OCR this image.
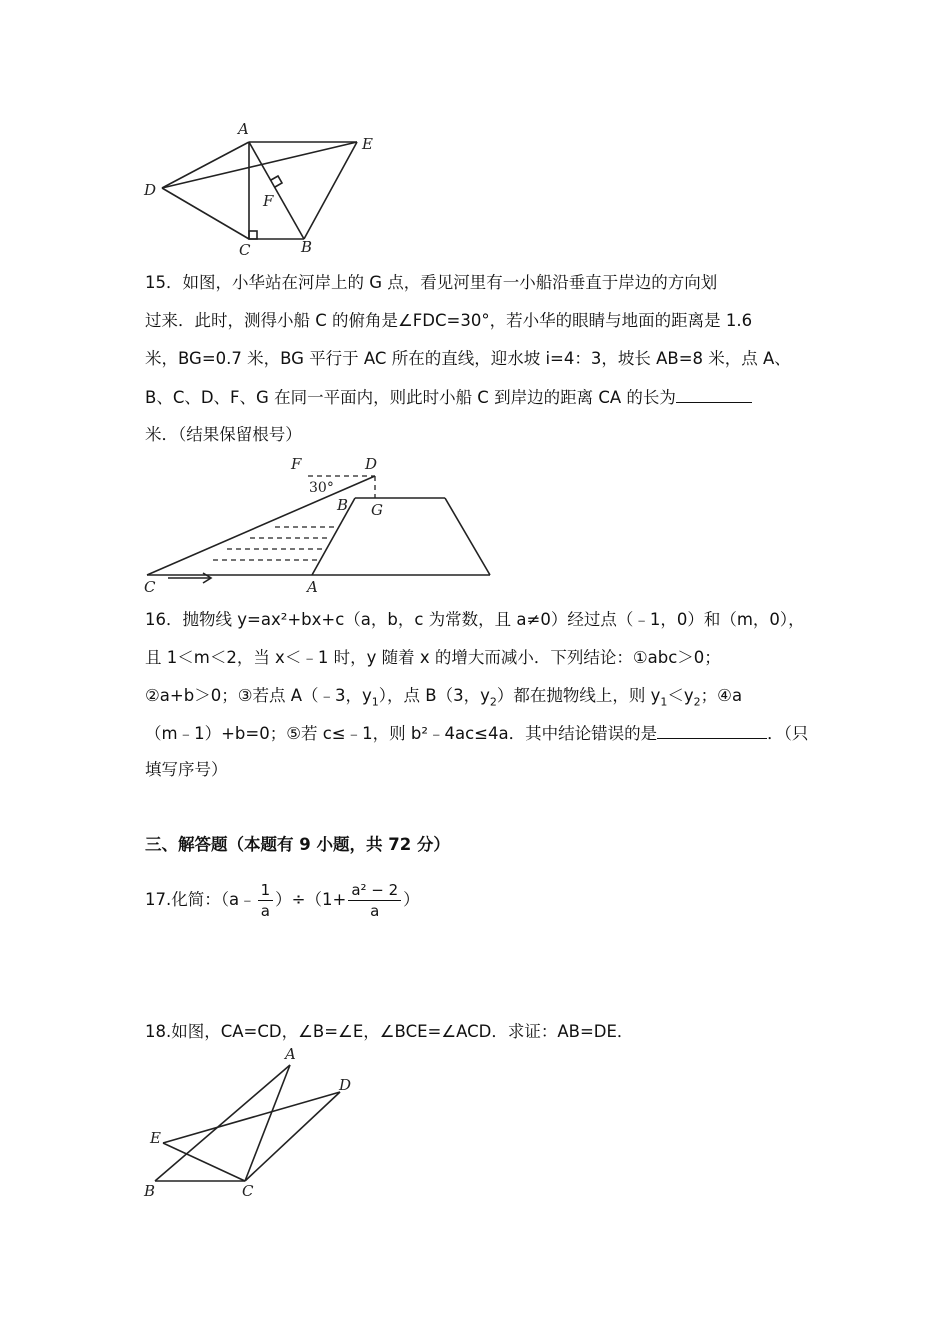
A
E
D
F
C	B
15．如图，小华站在河岸上的 G 点，看见河里有一小船沿垂直于岸边的方向划
过来．此时，测得小船 C 的俯角是∠FDC=30°，若小华的眼睛与地面的距离是 1.6
米，BG=0.7 米，BG 平行于 AC 所在的直线，迎水坡 i=4：3，坡长 AB=8 米，点 A、
B、C、D、F、G 在同一平面内，则此时小船 C 到岸边的距离 CA 的长为
米．（结果保留根号）
F	D
30°
B G
C	A
16．抛物线 y=ax²+bx+c（a，b，c 为常数，且 a≠0）经过点（﹣1，0）和（m，0），
且 1＜m＜2，当 x＜﹣1 时，y 随着 x 的增大而减小．下列结论：①abc＞0；
②a+b＞0；③若点 A（﹣3，$y_1$），点 B（3，$y_2$）都在抛物线上，则 $y_1<y_2$；④a
（m﹣1）+b=0；⑤若 c≤﹣1，则 b²﹣4ac≤4a．其中结论错误的是	．（只
填写序号）
三、解答题（本题有 9 小题，共 72 分）
17.化简：（a﹣ $\frac{1}{a} )\div(1+ \frac{\text{a² − 2}}{a}$ ）
18.如图，CA=CD，∠B=∠E，∠BCE=∠ACD．求证：AB=DE．
A
D
E
B	C
